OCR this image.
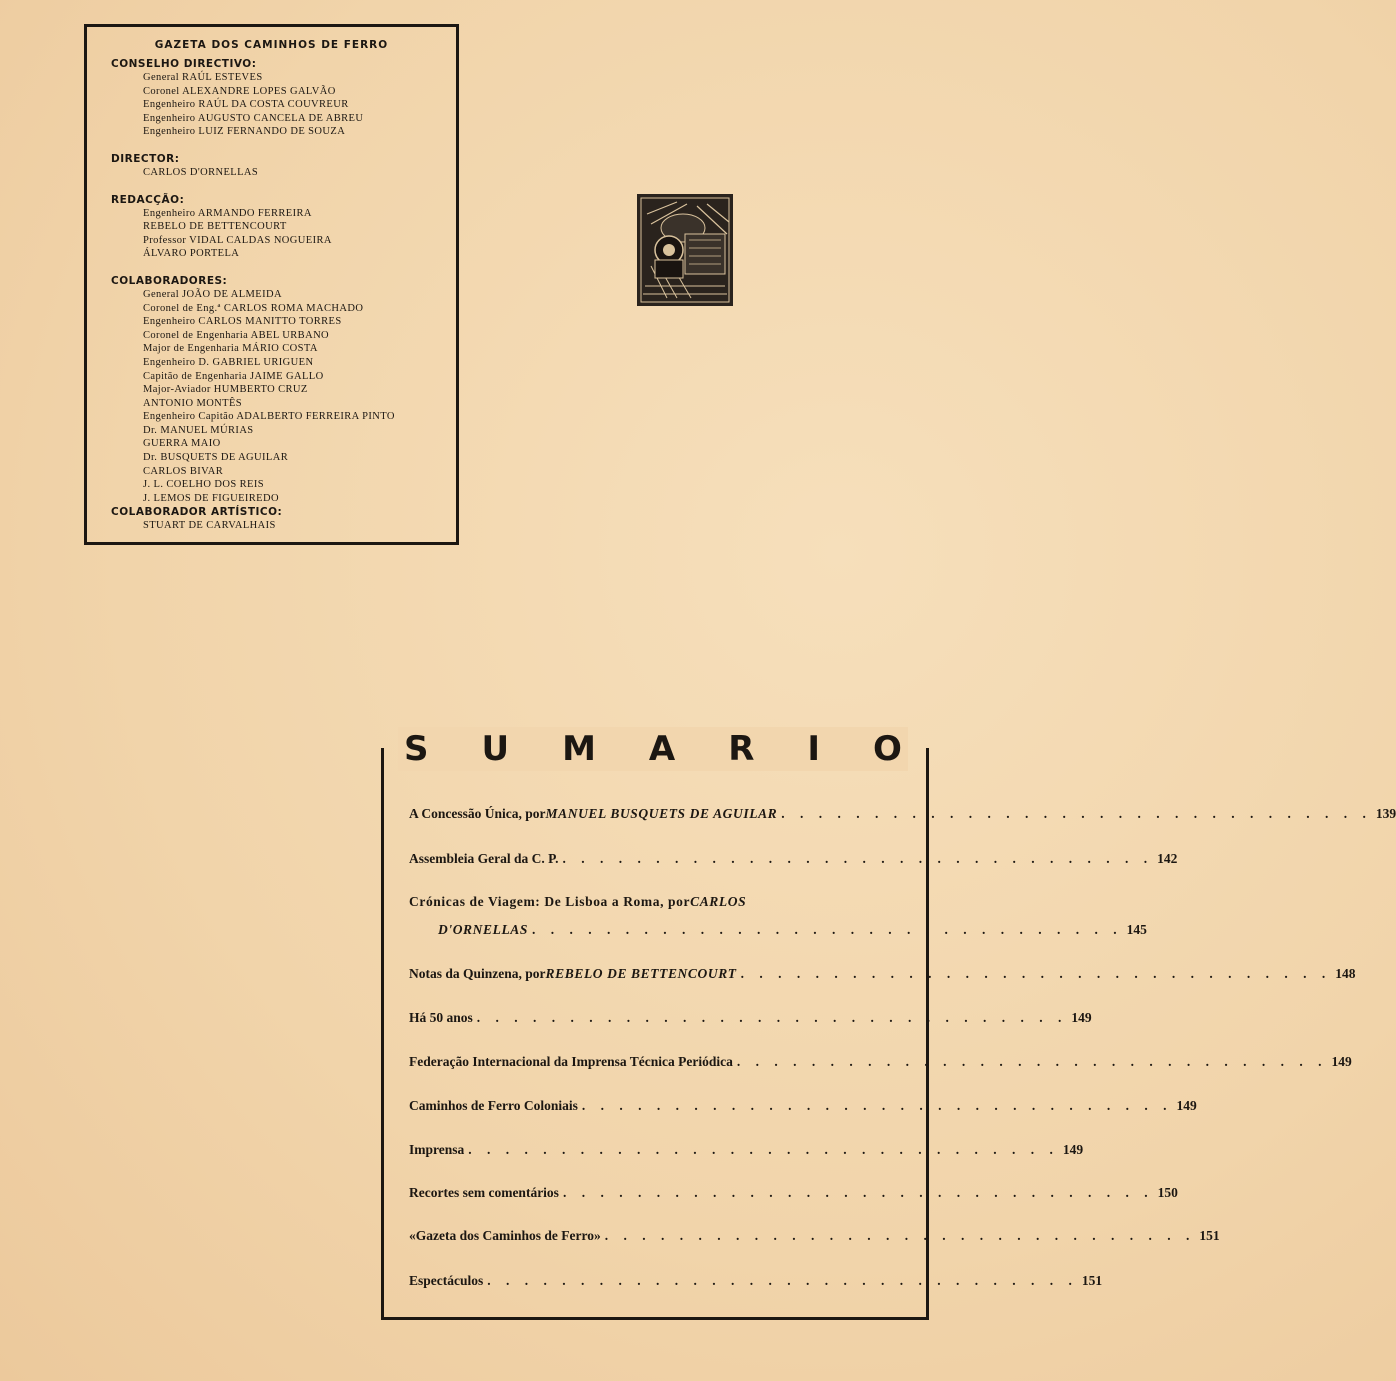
GAZETA DOS CAMINHOS DE FERRO
CONSELHO DIRECTIVO:
General RAÚL ESTEVES
Coronel ALEXANDRE LOPES GALVÃO
Engenheiro RAÚL DA COSTA COUVREUR
Engenheiro AUGUSTO CANCELA DE ABREU
Engenheiro LUIZ FERNANDO DE SOUZA
DIRECTOR:
CARLOS D'ORNELLAS
REDACÇÃO:
Engenheiro ARMANDO FERREIRA
REBELO DE BETTENCOURT
Professor VIDAL CALDAS NOGUEIRA
ÁLVARO PORTELA
COLABORADORES:
General JOÃO DE ALMEIDA
Coronel de Eng.ª CARLOS ROMA MACHADO
Engenheiro CARLOS MANITTO TORRES
Coronel de Engenharia ABEL URBANO
Major de Engenharia MÁRIO COSTA
Engenheiro D. GABRIEL URIGUEN
Capitão de Engenharia JAIME GALLO
Major-Aviador HUMBERTO CRUZ
ANTONIO MONTÊS
Engenheiro Capitão ADALBERTO FERREIRA PINTO
Dr. MANUEL MÚRIAS
GUERRA MAIO
Dr. BUSQUETS DE AGUILAR
CARLOS BIVAR
J. L. COELHO DOS REIS
J. LEMOS DE FIGUEIREDO
COLABORADOR ARTÍSTICO:
STUART DE CARVALHAIS
S U M A R I O
A Concessão Única, por MANUEL BUSQUETS DE AGUILAR . . . . . . . . . . . . . . . . . . . . . . . . . . . . . . . . 139
Assembleia Geral da C. P. . . . . . . . . . . . . . . . . . . . . . . . . . . . . . . . . 142
Crónicas de Viagem: De Lisboa a Roma, por CARLOS
D'ORNELLAS . . . . . . . . . . . . . . . . . . . . . . . . . . . . . . . . 145
Notas da Quinzena, por REBELO DE BETTENCOURT . . . . . . . . . . . . . . . . . . . . . . . . . . . . . . . . 148
Há 50 anos . . . . . . . . . . . . . . . . . . . . . . . . . . . . . . . . 149
Federação Internacional da Imprensa Técnica Periódica . . . . . . . . . . . . . . . . . . . . . . . . . . . . . . . . 149
Caminhos de Ferro Coloniais . . . . . . . . . . . . . . . . . . . . . . . . . . . . . . . . 149
Imprensa . . . . . . . . . . . . . . . . . . . . . . . . . . . . . . . . 149
Recortes sem comentários . . . . . . . . . . . . . . . . . . . . . . . . . . . . . . . . 150
«Gazeta dos Caminhos de Ferro» . . . . . . . . . . . . . . . . . . . . . . . . . . . . . . . . 151
Espectáculos . . . . . . . . . . . . . . . . . . . . . . . . . . . . . . . . 151
